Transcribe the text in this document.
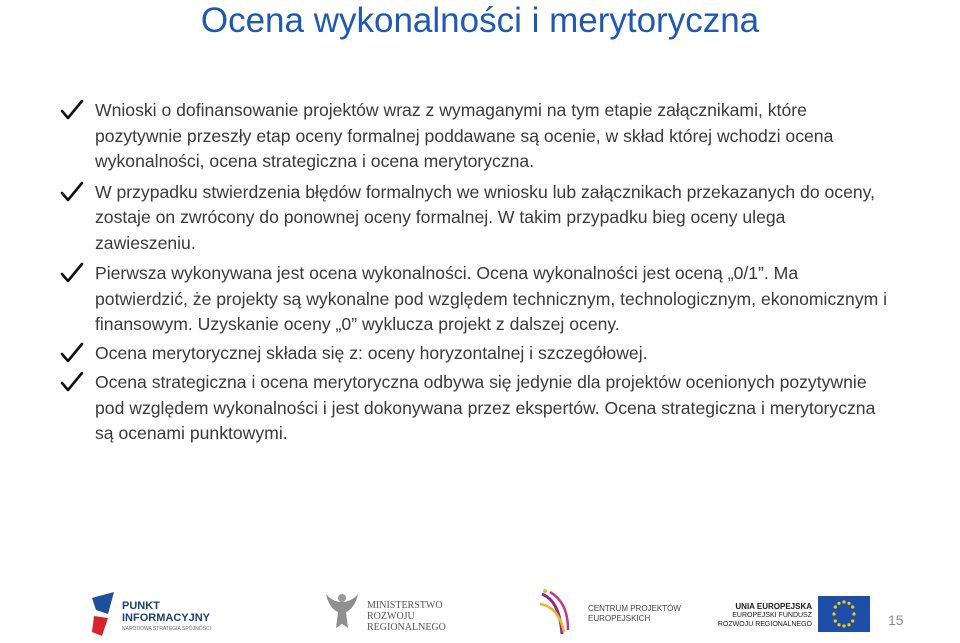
Ocena wykonalności i merytoryczna
Wnioski o dofinansowanie projektów wraz z wymaganymi na tym etapie załącznikami, które pozytywnie przeszły etap oceny formalnej poddawane są ocenie, w skład której wchodzi ocena wykonalności, ocena strategiczna i ocena merytoryczna.
W przypadku stwierdzenia błędów formalnych we wniosku lub załącznikach przekazanych do oceny, zostaje on zwrócony do ponownej oceny formalnej. W takim przypadku bieg oceny ulega zawieszeniu.
Pierwsza wykonywana jest ocena wykonalności. Ocena wykonalności jest oceną „0/1”. Ma potwierdzić, że projekty są wykonalne pod względem technicznym, technologicznym, ekonomicznym i finansowym. Uzyskanie oceny „0” wyklucza projekt z dalszej oceny.
Ocena merytorycznej składa się z: oceny horyzontalnej i szczegółowej.
Ocena strategiczna i ocena merytoryczna odbywa się jedynie dla projektów ocenionych pozytywnie pod względem wykonalności i jest dokonywana przez ekspertów. Ocena strategiczna i merytoryczna są ocenami punktowymi.
PUNKT
INFORMACYJNY
NARODOWA STRATEGIA SPÓJNOŚCI
MINISTERSTWO
ROZWOJU
REGIONALNEGO
CENTRUM PROJEKTÓW
EUROPEJSKICH
UNIA EUROPEJSKA
EUROPEJSKI FUNDUSZ
ROZWOJU REGIONALNEGO	15
